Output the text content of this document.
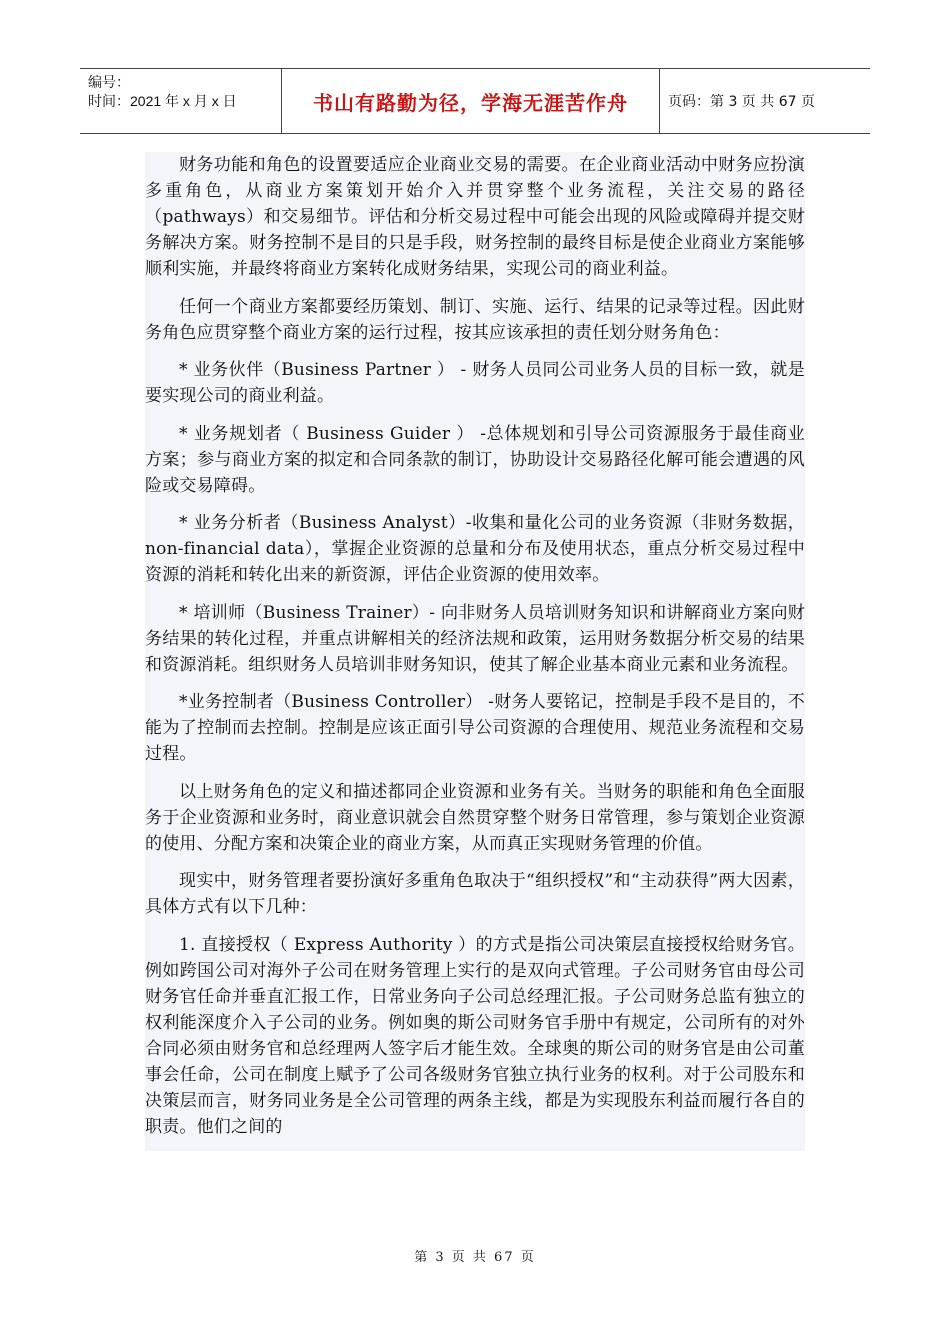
编号：
时间：2021 年 x 月 x 日	书山有路勤为径，学海无涯苦作舟	页码：第 3 页 共 67 页

财务功能和角色的设置要适应企业商业交易的需要。在企业商业活动中财务应扮演多重角色，从商业方案策划开始介入并贯穿整个业务流程，关注交易的路径（pathways）和交易细节。评估和分析交易过程中可能会出现的风险或障碍并提交财务解决方案。财务控制不是目的只是手段，财务控制的最终目标是使企业商业方案能够顺利实施，并最终将商业方案转化成财务结果，实现公司的商业利益。

任何一个商业方案都要经历策划、制订、实施、运行、结果的记录等过程。因此财务角色应贯穿整个商业方案的运行过程，按其应该承担的责任划分财务角色：

* 业务伙伴（Business Partner ） - 财务人员同公司业务人员的目标一致，就是要实现公司的商业利益。

* 业务规划者（ Business Guider ） -总体规划和引导公司资源服务于最佳商业方案；参与商业方案的拟定和合同条款的制订，协助设计交易路径化解可能会遭遇的风险或交易障碍。

* 业务分析者（Business Analyst）-收集和量化公司的业务资源（非财务数据，non-financial data），掌握企业资源的总量和分布及使用状态，重点分析交易过程中资源的消耗和转化出来的新资源，评估企业资源的使用效率。

* 培训师（Business Trainer）- 向非财务人员培训财务知识和讲解商业方案向财务结果的转化过程，并重点讲解相关的经济法规和政策，运用财务数据分析交易的结果和资源消耗。组织财务人员培训非财务知识，使其了解企业基本商业元素和业务流程。

*业务控制者（Business Controller） -财务人要铭记，控制是手段不是目的，不能为了控制而去控制。控制是应该正面引导公司资源的合理使用、规范业务流程和交易过程。

以上财务角色的定义和描述都同企业资源和业务有关。当财务的职能和角色全面服务于企业资源和业务时，商业意识就会自然贯穿整个财务日常管理，参与策划企业资源的使用、分配方案和决策企业的商业方案，从而真正实现财务管理的价值。

现实中，财务管理者要扮演好多重角色取决于“组织授权”和“主动获得”两大因素，具体方式有以下几种：

1. 直接授权（ Express Authority ）的方式是指公司决策层直接授权给财务官。例如跨国公司对海外子公司在财务管理上实行的是双向式管理。子公司财务官由母公司财务官任命并垂直汇报工作，日常业务向子公司总经理汇报。子公司财务总监有独立的权利能深度介入子公司的业务。例如奥的斯公司财务官手册中有规定，公司所有的对外合同必须由财务官和总经理两人签字后才能生效。全球奥的斯公司的财务官是由公司董事会任命，公司在制度上赋予了公司各级财务官独立执行业务的权利。对于公司股东和决策层而言，财务同业务是全公司管理的两条主线，都是为实现股东利益而履行各自的职责。他们之间的

第 3 页 共 67 页
